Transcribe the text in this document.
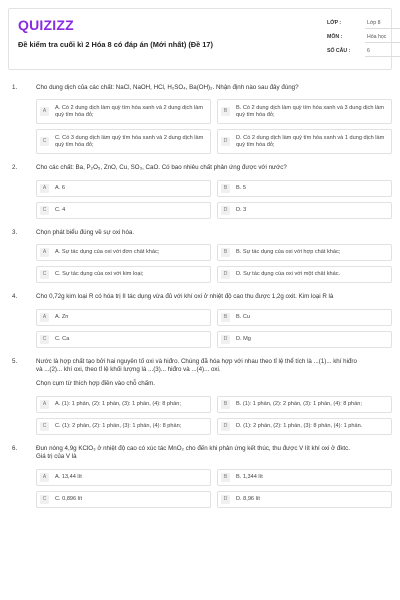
QUIZIZZ
Đề kiểm tra cuối kì 2 Hóa 8 có đáp án (Mới nhất) (Đề 17)
LỚP :	Lớp 8
MÔN :	Hóa học
SỐ CÂU :	6
1.	Cho dung dịch của các chất: NaCl, NaOH, HCl, H₂SO₄, Ba(OH)₂. Nhận định nào sau đây đúng?
A
A. Có 2 dung dịch làm quỳ tím hóa xanh và 2 dung dịch làm quỳ tím hóa đỏ;
B
B. Có 2 dung dịch làm quỳ tím hóa xanh và 3 dung dịch làm quỳ tím hóa đỏ;
C
C. Có 3 dung dịch làm quỳ tím hóa xanh và 2 dung dịch làm quỳ tím hóa đỏ;
D
D. Có 2 dung dịch làm quỳ tím hóa xanh và 1 dung dịch làm quỳ tím hóa đỏ;
2.	Cho các chất: Ba, P₂O₅, ZnO, Cu, SO₃, CaO. Có bao nhiêu chất phản ứng được với nước?
A	A. 6	B	B. 5
C	C. 4	D	D. 3
3.	Chọn phát biểu đúng về sự oxi hóa.
A	A. Sự tác dụng của oxi với đơn chất khác;	B	B. Sự tác dụng của oxi với hợp chất khác;
C	C. Sự tác dụng của oxi với kim loại;	D	D. Sự tác dụng của oxi với một chất khác.
4.	Cho 0,72g kim loại R có hóa trị II tác dụng vừa đủ với khí oxi ở nhiệt độ cao thu được 1,2g oxit. Kim loại R là
A	A. Zn	B	B. Cu
C	C. Ca	D	D. Mg
5.	Nước là hợp chất tạo bởi hai nguyên tố oxi và hiđro. Chúng đã hóa hợp với nhau theo tỉ lệ thể tích là ...(1)... khí hiđro
và ...(2)... khí oxi, theo tỉ lệ khối lượng là ...(3)... hiđro và ...(4)... oxi.
Chọn cụm từ thích hợp điền vào chỗ chấm.
A	A. (1): 1 phần, (2): 1 phần, (3): 1 phần, (4): 8 phần;	B	B. (1): 1 phần, (2): 2 phần, (3): 1 phần, (4): 8 phần;
C	C. (1): 2 phần, (2): 1 phần, (3): 1 phần, (4): 8 phần;	D	D. (1): 2 phần, (2): 1 phần, (3): 8 phần, (4): 1 phần.
6.	Đun nóng 4,9g KClO₃ ở nhiệt độ cao có xúc tác MnO₂ cho đến khi phản ứng kết thúc, thu được V lít khí oxi ở đktc.
Giá trị của V là
A	A. 13,44 lít	B	B. 1,344 lít
C	C. 0,896 lít	D	D. 8,96 lít
